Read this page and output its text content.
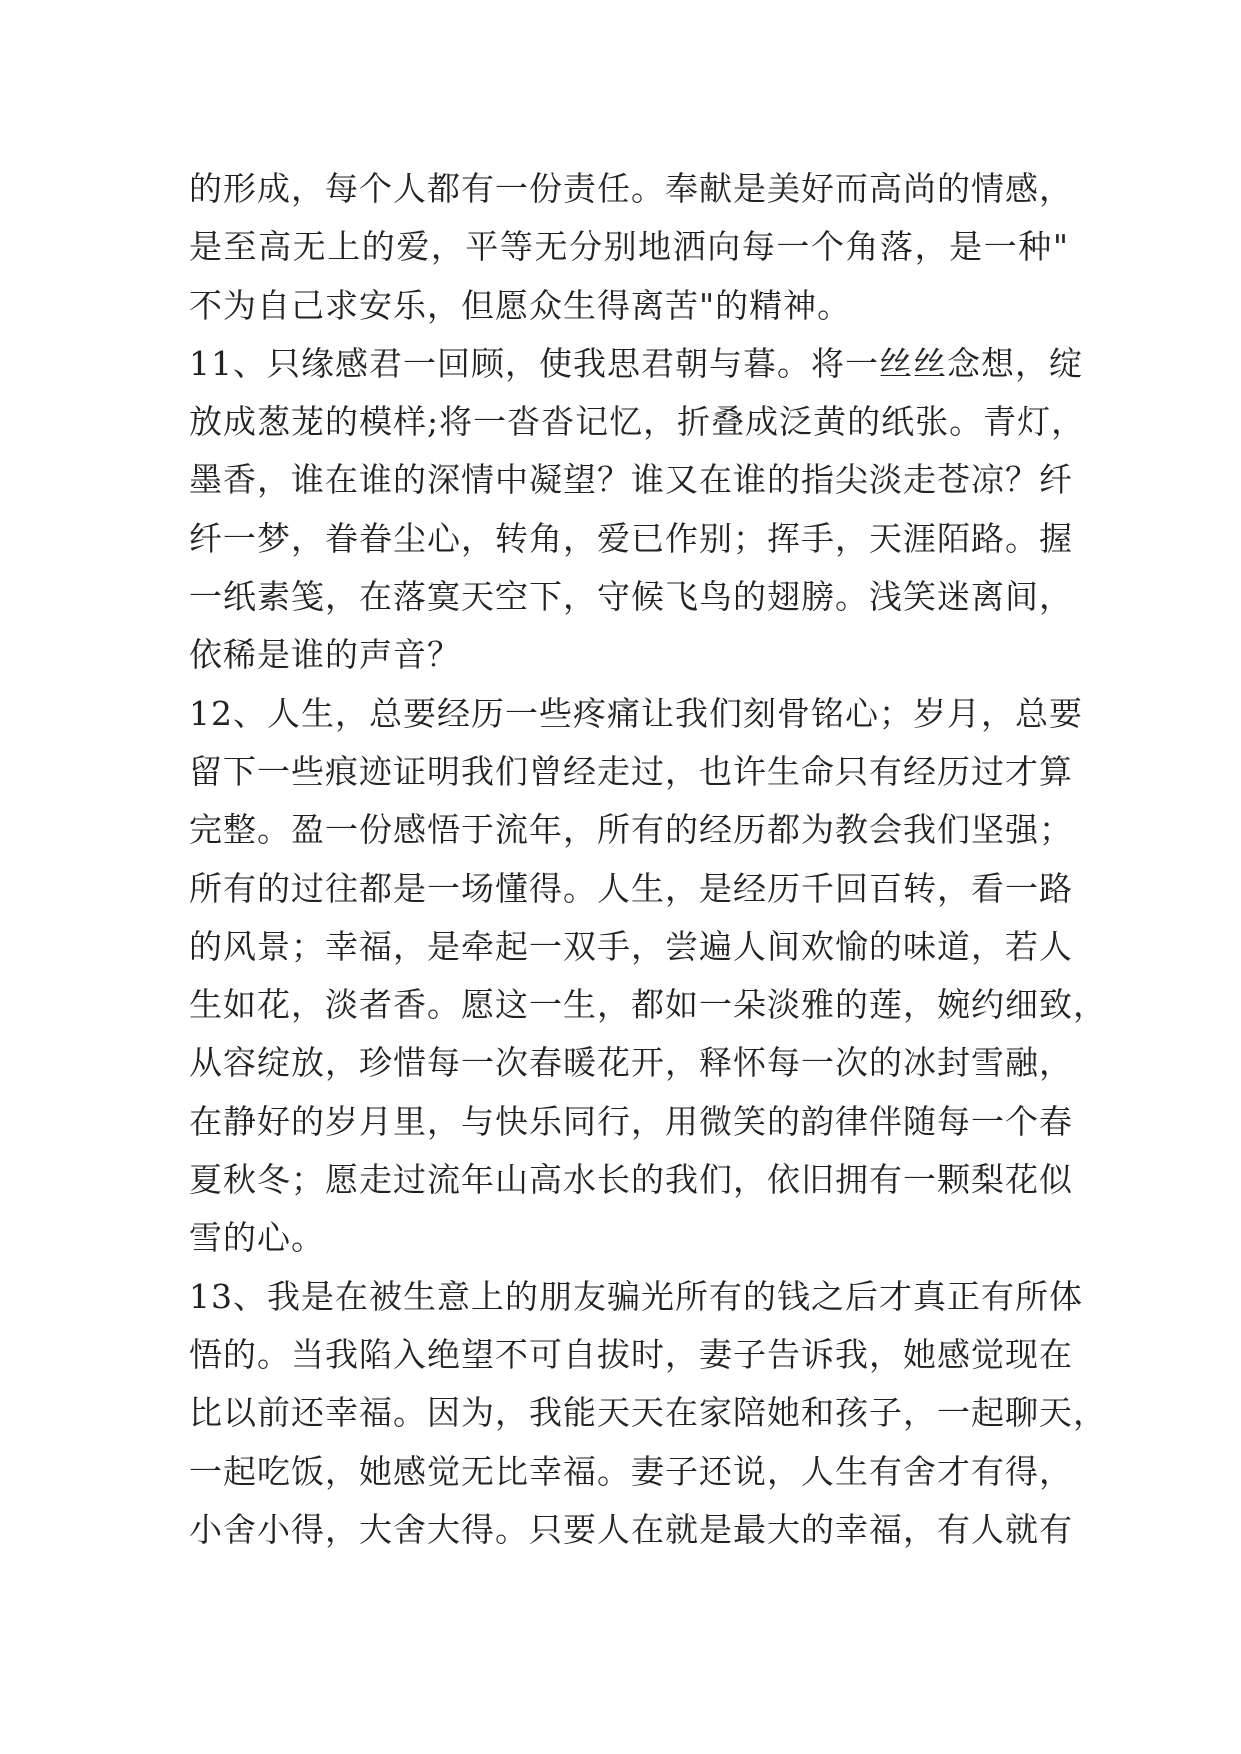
的形成，每个人都有一份责任。奉献是美好而高尚的情感，
是至高无上的爱，平等无分别地洒向每一个角落，是一种"
不为自己求安乐，但愿众生得离苦"的精神。
11、只缘感君一回顾，使我思君朝与暮。将一丝丝念想，绽
放成葱茏的模样;将一沓沓记忆，折叠成泛黄的纸张。青灯，
墨香，谁在谁的深情中凝望？谁又在谁的指尖淡走苍凉？纤
纤一梦，眷眷尘心，转角，爱已作别；挥手，天涯陌路。握
一纸素笺，在落寞天空下，守候飞鸟的翅膀。浅笑迷离间，
依稀是谁的声音？
12、人生，总要经历一些疼痛让我们刻骨铭心；岁月，总要
留下一些痕迹证明我们曾经走过，也许生命只有经历过才算
完整。盈一份感悟于流年，所有的经历都为教会我们坚强；
所有的过往都是一场懂得。人生，是经历千回百转，看一路
的风景；幸福，是牵起一双手，尝遍人间欢愉的味道，若人
生如花，淡者香。愿这一生，都如一朵淡雅的莲，婉约细致，
从容绽放，珍惜每一次春暖花开，释怀每一次的冰封雪融，
在静好的岁月里，与快乐同行，用微笑的韵律伴随每一个春
夏秋冬；愿走过流年山高水长的我们，依旧拥有一颗梨花似
雪的心。
13、我是在被生意上的朋友骗光所有的钱之后才真正有所体
悟的。当我陷入绝望不可自拔时，妻子告诉我，她感觉现在
比以前还幸福。因为，我能天天在家陪她和孩子，一起聊天，
一起吃饭，她感觉无比幸福。妻子还说，人生有舍才有得，
小舍小得，大舍大得。只要人在就是最大的幸福，有人就有
